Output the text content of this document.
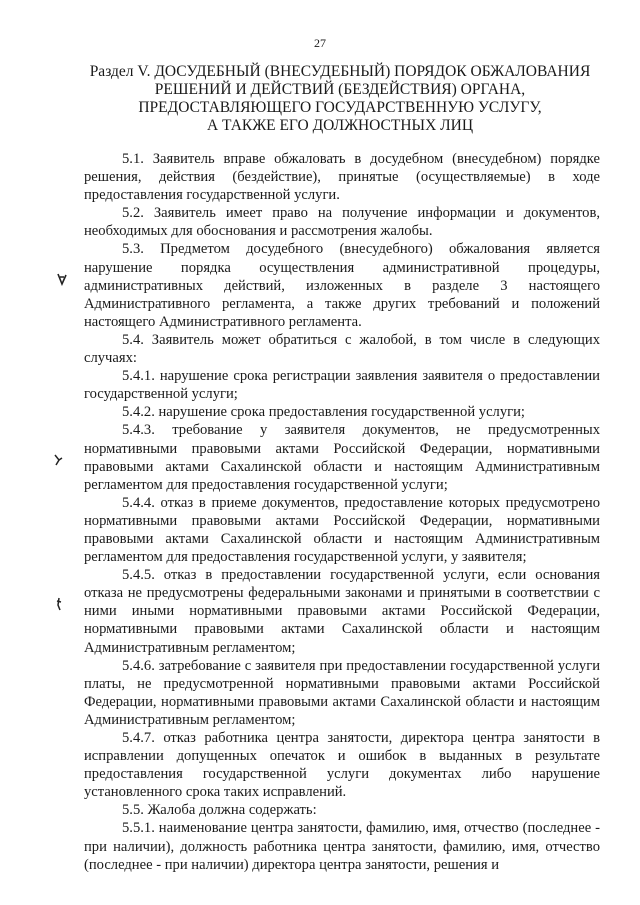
27
Раздел V. ДОСУДЕБНЫЙ (ВНЕСУДЕБНЫЙ) ПОРЯДОК ОБЖАЛОВАНИЯ
РЕШЕНИЙ И ДЕЙСТВИЙ (БЕЗДЕЙСТВИЯ) ОРГАНА,
ПРЕДОСТАВЛЯЮЩЕГО ГОСУДАРСТВЕННУЮ УСЛУГУ,
А ТАКЖЕ ЕГО ДОЛЖНОСТНЫХ ЛИЦ

5.1. Заявитель вправе обжаловать в досудебном (внесудебном) порядке решения, действия (бездействие), принятые (осуществляемые) в ходе предоставления государственной услуги.

5.2. Заявитель имеет право на получение информации и документов, необходимых для обоснования и рассмотрения жалобы.

5.3. Предметом досудебного (внесудебного) обжалования является нарушение порядка осуществления административной процедуры, административных действий, изложенных в разделе 3 настоящего Административного регламента, а также других требований и положений настоящего Административного регламента.

5.4. Заявитель может обратиться с жалобой, в том числе в следующих случаях:

5.4.1. нарушение срока регистрации заявления заявителя о предоставлении государственной услуги;

5.4.2. нарушение срока предоставления государственной услуги;

5.4.3. требование у заявителя документов, не предусмотренных нормативными правовыми актами Российской Федерации, нормативными правовыми актами Сахалинской области и настоящим Административным регламентом для предоставления государственной услуги;

5.4.4. отказ в приеме документов, предоставление которых предусмотрено нормативными правовыми актами Российской Федерации, нормативными правовыми актами Сахалинской области и настоящим Административным регламентом для предоставления государственной услуги, у заявителя;

5.4.5. отказ в предоставлении государственной услуги, если основания отказа не предусмотрены федеральными законами и принятыми в соответствии с ними иными нормативными правовыми актами Российской Федерации, нормативными правовыми актами Сахалинской области и настоящим Административным регламентом;

5.4.6. затребование с заявителя при предоставлении государственной услуги платы, не предусмотренной нормативными правовыми актами Российской Федерации, нормативными правовыми актами Сахалинской области и настоящим Административным регламентом;

5.4.7. отказ работника центра занятости, директора центра занятости в исправлении допущенных опечаток и ошибок в выданных в результате предоставления государственной услуги документах либо нарушение установленного срока таких исправлений.

5.5. Жалоба должна содержать:

5.5.1. наименование центра занятости, фамилию, имя, отчество (последнее - при наличии), должность работника центра занятости, фамилию, имя, отчество (последнее - при наличии) директора центра занятости, решения и
